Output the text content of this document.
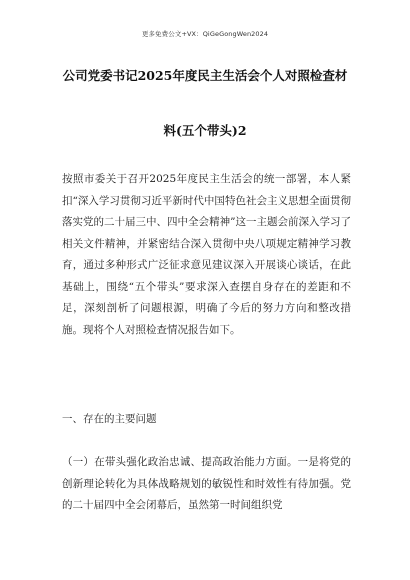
更多免费公文+VX：QiGeGongWen2024
公司党委书记2025年度民主生活会个人对照检查材
料(五个带头)2

按照市委关于召开2025年度民主生活会的统一部署，本人紧扣“深入学习贯彻习近平新时代中国特色社会主义思想全面贯彻落实党的二十届三中、四中全会精神”这一主题会前深入学习了相关文件精神，并紧密结合深入贯彻中央八项规定精神学习教育，通过多种形式广泛征求意见建议深入开展谈心谈话，在此基础上，围绕“五个带头”要求深入查摆自身存在的差距和不足，深刻剖析了问题根源，明确了今后的努力方向和整改措施。现将个人对照检查情况报告如下。

一、存在的主要问题

（一）在带头强化政治忠诚、提高政治能力方面。一是将党的创新理论转化为具体战略规划的敏锐性和时效性有待加强。党的二十届四中全会闭幕后，虽然第一时间组织党
